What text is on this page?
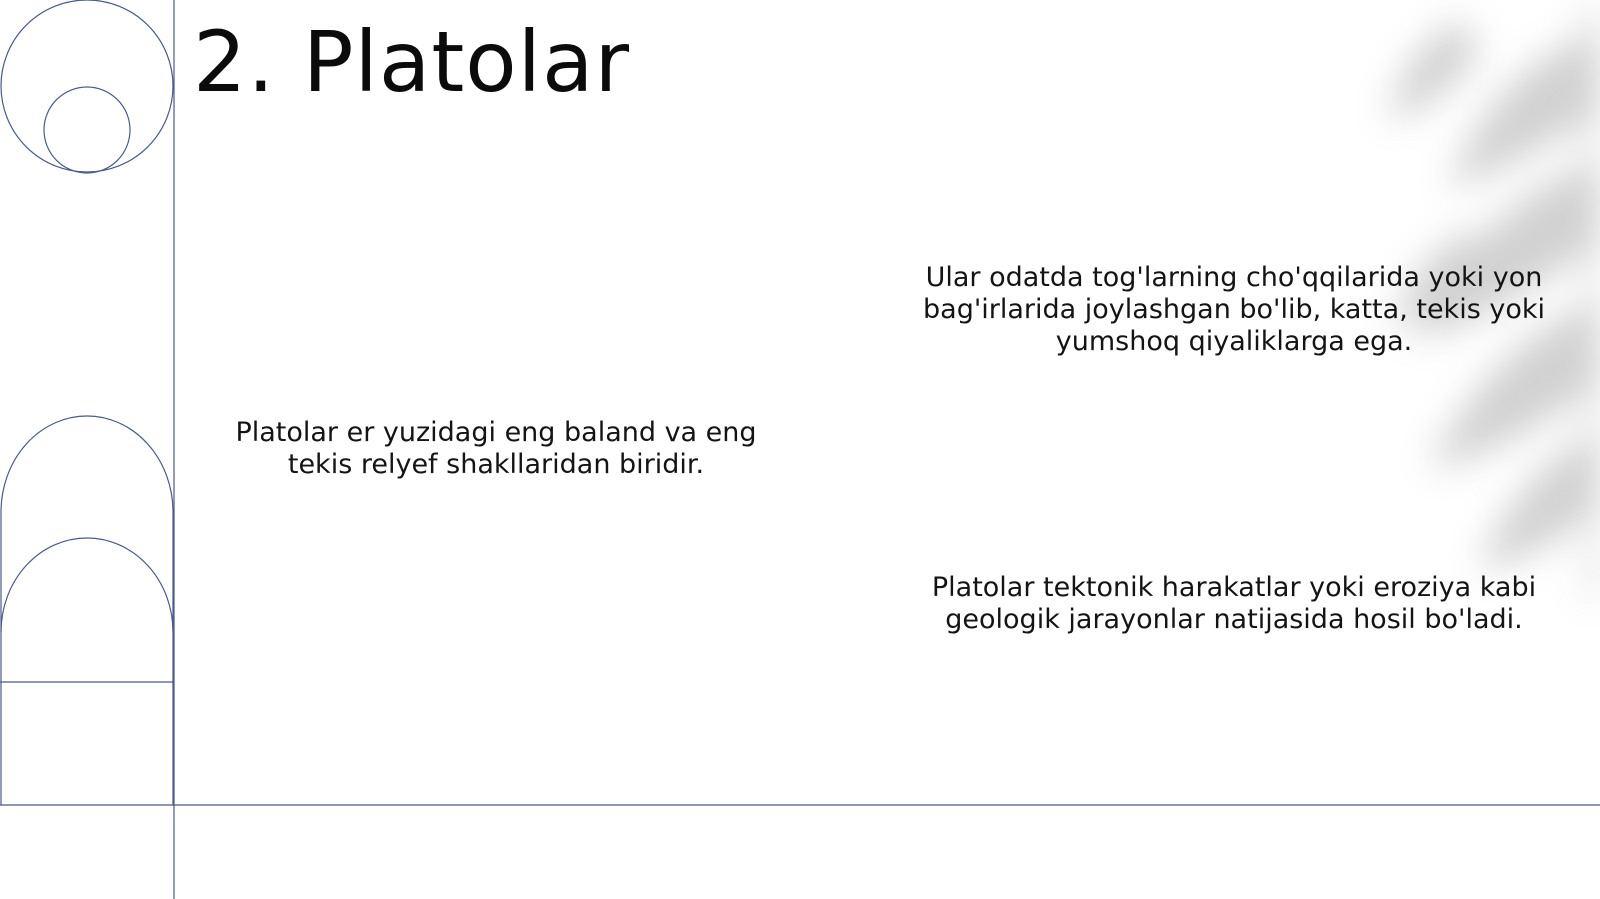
2. Platolar

Platolar er yuzidagi eng baland va eng tekis relyef shakllaridan biridir.

Ular odatda tog'larning cho'qqilarida yoki yon bag'irlarida joylashgan bo'lib, katta, tekis yoki yumshoq qiyaliklarga ega.

Platolar tektonik harakatlar yoki eroziya kabi geologik jarayonlar natijasida hosil bo'ladi.
